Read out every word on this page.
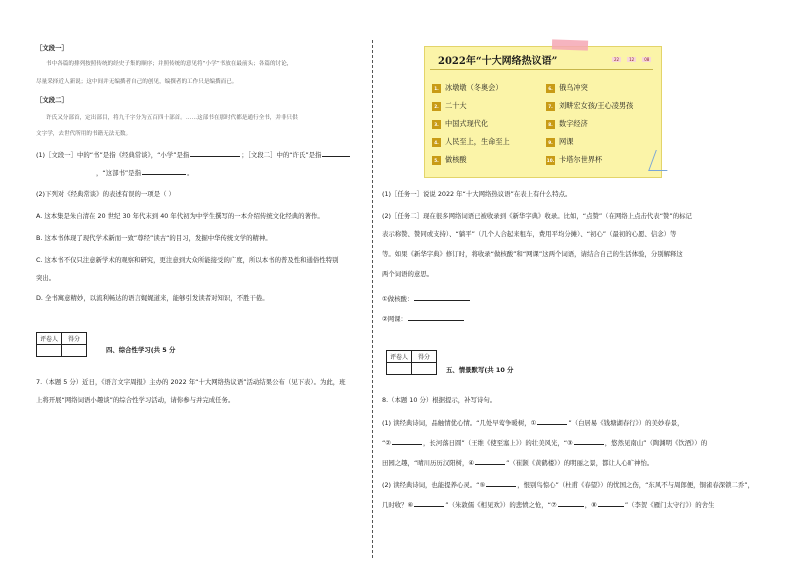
［文段一］
书中各篇的排列按照传统的经史子集的顺序；并照传统的意见将“小学”书放在最前头；各篇的讨论，
尽量采择近人新说；这中间并无编撰者自己的创见，编撰者的工作只是编撰而已。
［文段二］
许氏又分部首，定出部目，将九千字分为五百四十部首。……这部书在那时代都是通行全书，并非只供
文字学，去世代所用的书籍无法无数。
(1)［文段一］中的“书”是指《经典常谈》，“小学”是指	；［文段二］中的“许氏”是指
，“这部书”是指	。
(2)下列对《经典常谈》的表述有误的一项是（ ）
A. 这本集是朱自清在 20 世纪 30 年代末到 40 年代初为中学生撰写的一本介绍传统文化经典的著作。
B. 这本书体现了现代学术新而一致“尊经”读古“的目习，发掘中华传统文学的精神。
C. 这本书不仅只注意新学术的观察和研究，更注意到大众所能接受的广度，所以本书的普及性和通俗性特别
突出。
D. 全书寓意精妙，以流利畅达的语言娓娓道来，能够引发读者对知识，不胜干倦。
评卷人	得分

四、综合性学习(共 5 分
7.（本题 5 分）近日，《语言文字周报》主办的 2022 年“十大网络热议语”活动结果公布（见下表）。为此，班
上将开展“网络词语小趣谈”的综合性学习活动，请你参与并完成任务。
2022年“十大网络热议语”	22	12	08
1. 冰墩墩（冬奥会）
2. 二十大
3. 中国式现代化
4. 人民至上，生命至上
5. 做核酸
6. 俄乌冲突
7. 刘畊宏女孩/王心凌男孩
8. 数字经济
9. 网课
10. 卡塔尔世界杯
(1)［任务一］说说 2022 年“十大网络热议语”在表上有什么特点。
(2)［任务二］现在很多网络词语已被收录到《新华字典》收录。比如，“点赞”（在网络上点击代表“赞”的标记
表示称赞、赞同或支持）、“躺平”（几个人合起来租车，费用平均分摊）、“初心”（最初的心愿、信念）等
等。如果《新华字典》修订时，将收录“做核酸”和“网课”这两个词语，请结合自己的生活体验，分别解释这
两个词语的意思。
①做核酸：
②网课：
评卷人	得分

五、情景默写(共 10 分
8.（本题 10 分）根据提示，补写诗句。
(1) 读经典诗词，品触情优心情。“几处早莺争暖树，①	”（白居易《钱塘湖春行》）的美妙春景，
“②	，长河落日圆”（王维《使至塞上》）的壮美风光，“③	，悠然见南山”（陶渊明《饮酒》）的
田园之趣，“晴川历历汉阳树，④	”（崔颢《黄鹤楼》）的明丽之景，都让人心旷神怡。
(2) 读经典诗词，也能提养心灵。“⑤	，恨别鸟惊心”（杜甫《春望》）的忧国之伤，“东风不与周郎便，铜雀春深锁二乔”，
几时收？⑥	”（朱敦儒《相见欢》）的悲愤之怆，“⑦	，⑧	”（李贺《雁门太守行》）的舍生
